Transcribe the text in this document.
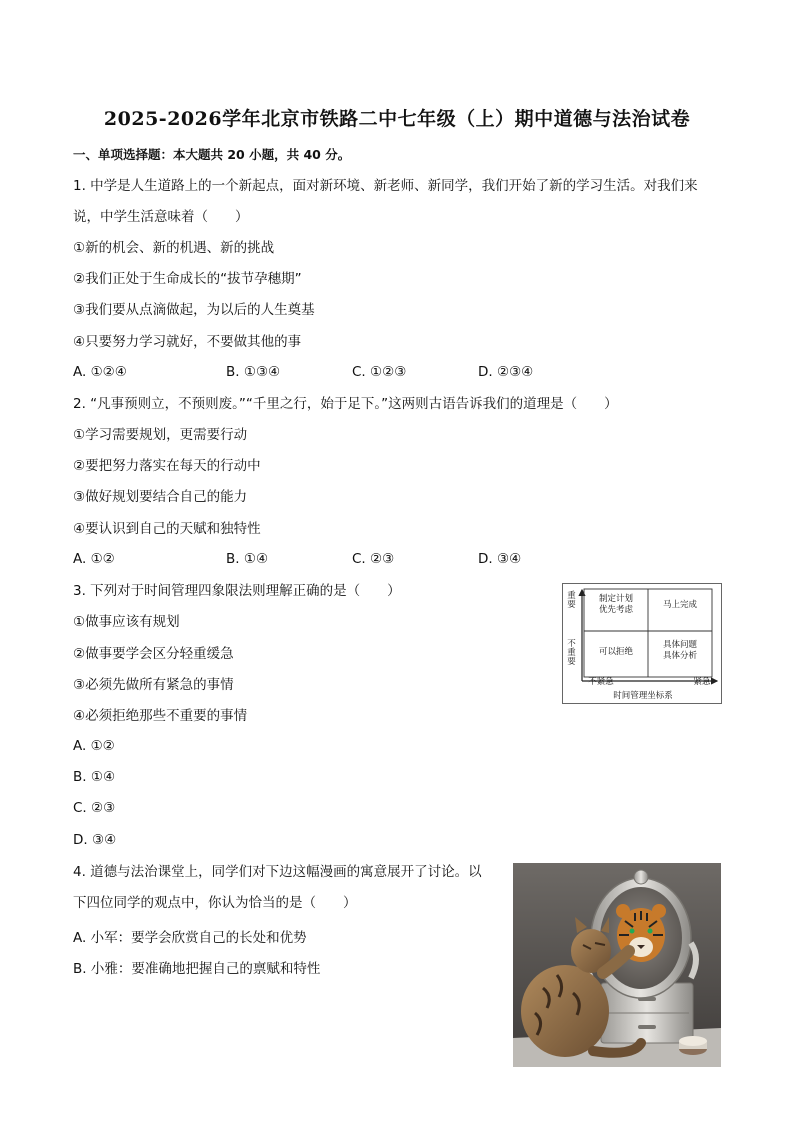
2025-2026学年北京市铁路二中七年级（上）期中道德与法治试卷
一、单项选择题：本大题共 20 小题，共 40 分。
1. 中学是人生道路上的一个新起点，面对新环境、新老师、新同学，我们开始了新的学习生活。对我们来
说，中学生活意味着（　　）
①新的机会、新的机遇、新的挑战
②我们正处于生命成长的“拔节孕穗期”
③我们要从点滴做起，为以后的人生奠基
④只要努力学习就好，不要做其他的事
A. ①②④	B. ①③④	C. ①②③	D. ②③④
2. “凡事预则立，不预则废。”“千里之行，始于足下。”这两则古语告诉我们的道理是（　　）
①学习需要规划，更需要行动
②要把努力落实在每天的行动中
③做好规划要结合自己的能力
④要认识到自己的天赋和独特性
A. ①②	B. ①④	C. ②③	D. ③④
3. 下列对于时间管理四象限法则理解正确的是（　　）
①做事应该有规划
②做事要学会区分轻重缓急
③必须先做所有紧急的事情
④必须拒绝那些不重要的事情
A. ①②
B. ①④
C. ②③
D. ③④
重要
不重要
制定计划
优先考虑	马上完成
可以拒绝
具体问题
具体分析
不紧急	紧急
时间管理坐标系
4. 道德与法治课堂上，同学们对下边这幅漫画的寓意展开了讨论。以
下四位同学的观点中，你认为恰当的是（　　）
A. 小军：要学会欣赏自己的长处和优势
B. 小雅：要准确地把握自己的禀赋和特性
